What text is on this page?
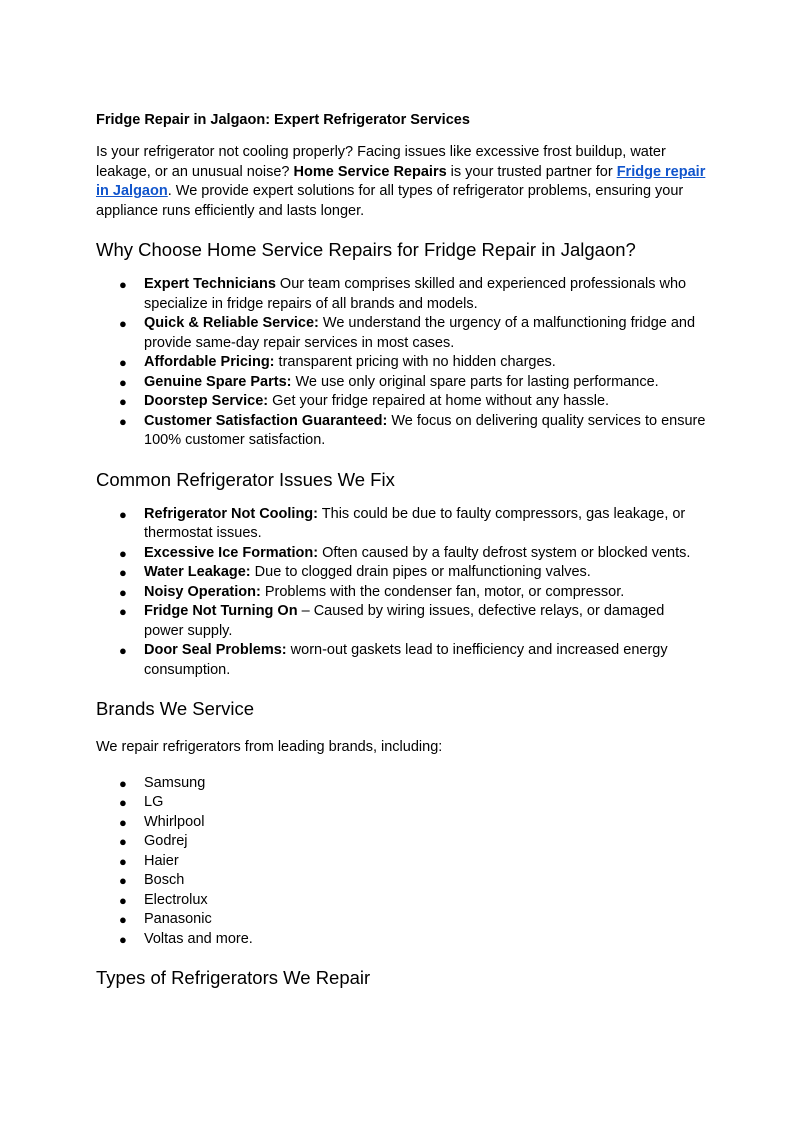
Fridge Repair in Jalgaon: Expert Refrigerator Services

Is your refrigerator not cooling properly? Facing issues like excessive frost buildup, water leakage, or an unusual noise? Home Service Repairs is your trusted partner for Fridge repair in Jalgaon. We provide expert solutions for all types of refrigerator problems, ensuring your appliance runs efficiently and lasts longer.

Why Choose Home Service Repairs for Fridge Repair in Jalgaon?
● Expert Technicians Our team comprises skilled and experienced professionals who specialize in fridge repairs of all brands and models.
● Quick & Reliable Service: We understand the urgency of a malfunctioning fridge and provide same-day repair services in most cases.
● Affordable Pricing: transparent pricing with no hidden charges.
● Genuine Spare Parts: We use only original spare parts for lasting performance.
● Doorstep Service: Get your fridge repaired at home without any hassle.
● Customer Satisfaction Guaranteed: We focus on delivering quality services to ensure 100% customer satisfaction.
Common Refrigerator Issues We Fix
● Refrigerator Not Cooling: This could be due to faulty compressors, gas leakage, or thermostat issues.
● Excessive Ice Formation: Often caused by a faulty defrost system or blocked vents.
● Water Leakage: Due to clogged drain pipes or malfunctioning valves.
● Noisy Operation: Problems with the condenser fan, motor, or compressor.
● Fridge Not Turning On – Caused by wiring issues, defective relays, or damaged power supply.
● Door Seal Problems: worn-out gaskets lead to inefficiency and increased energy consumption.
Brands We Service

We repair refrigerators from leading brands, including:

● Samsung
● LG
● Whirlpool
● Godrej
● Haier
● Bosch
● Electrolux
● Panasonic
● Voltas and more.
Types of Refrigerators We Repair
